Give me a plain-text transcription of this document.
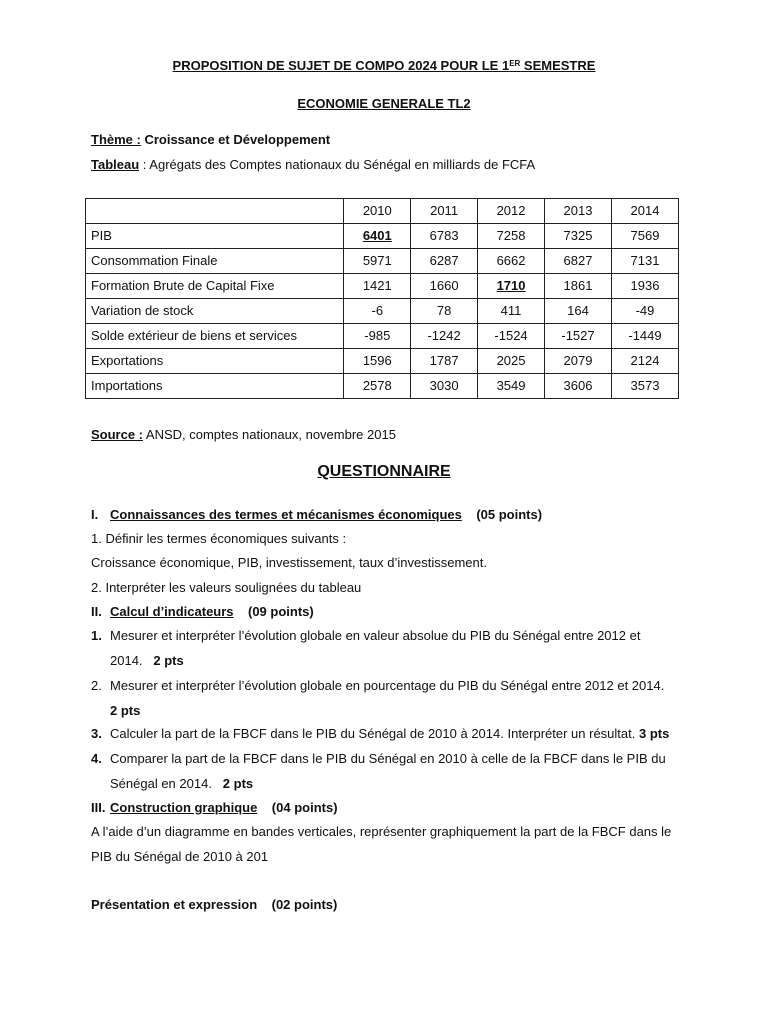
PROPOSITION DE SUJET DE COMPO 2024 POUR LE 1ER SEMESTRE
ECONOMIE GENERALE TL2
Thème : Croissance et Développement
Tableau : Agrégats des Comptes nationaux du Sénégal en milliards de FCFA
	2010	2011	2012	2013	2014
PIB	6401	6783	7258	7325	7569
Consommation Finale	5971	6287	6662	6827	7131
Formation Brute de Capital Fixe	1421	1660	1710	1861	1936
Variation de stock	-6	78	411	164	-49
Solde extérieur de biens et services	-985	-1242	-1524	-1527	-1449
Exportations	1596	1787	2025	2079	2124
Importations	2578	3030	3549	3606	3573
Source : ANSD, comptes nationaux, novembre 2015
QUESTIONNAIRE
I. Connaissances des termes et mécanismes économiques (05 points)
1. Définir les termes économiques suivants :
Croissance économique, PIB, investissement, taux d’investissement.
2. Interpréter les valeurs soulignées du tableau
II. Calcul d’indicateurs (09 points)
1. Mesurer et interpréter l’évolution globale en valeur absolue du PIB du Sénégal entre 2012 et
2014. 2 pts
2. Mesurer et interpréter l’évolution globale en pourcentage du PIB du Sénégal entre 2012 et 2014.
2 pts
3. Calculer la part de la FBCF dans le PIB du Sénégal de 2010 à 2014. Interpréter un résultat. 3 pts
4. Comparer la part de la FBCF dans le PIB du Sénégal en 2010 à celle de la FBCF dans le PIB du
Sénégal en 2014. 2 pts
III. Construction graphique (04 points)
A l’aide d’un diagramme en bandes verticales, représenter graphiquement la part de la FBCF dans le
PIB du Sénégal de 2010 à 201
Présentation et expression (02 points)
